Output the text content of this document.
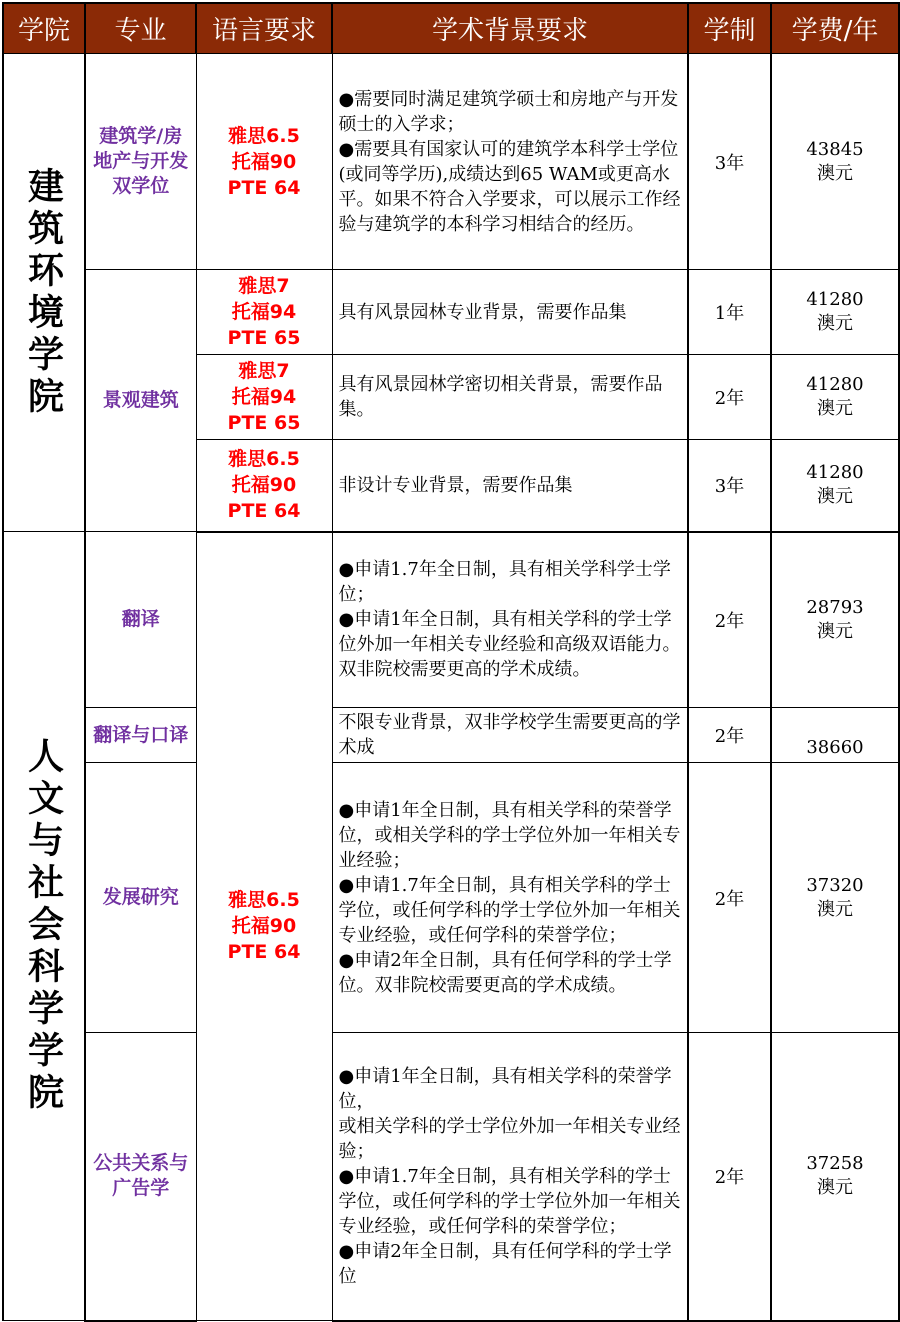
学院	专业	语言要求	学术背景要求	学制	学费/年
建筑环境学院	建筑学/房地产与开发双学位	雅思6.5
托福90
PTE 64	●需要同时满足建筑学硕士和房地产与开发硕士的入学求；
●需要具有国家认可的建筑学本科学士学位(或同等学历),成绩达到65 WAM或更高水平。如果不符合入学要求，可以展示工作经验与建筑学的本科学习相结合的经历。	3年	43845
澳元

	景观建筑	雅思7
托福94
PTE 65	具有风景园林专业背景，需要作品集	1年	41280
澳元

		雅思7
托福94
PTE 65	具有风景园林学密切相关背景，需要作品集。	2年	41280
澳元

		雅思6.5
托福90
PTE 64	非设计专业背景，需要作品集	3年	41280
澳元

人文与社会科学学院	翻译	雅思6.5
托福90
PTE 64	●申请1.7年全日制，具有相关学科学士学位；
●申请1年全日制，具有相关学科的学士学位外加一年相关专业经验和高级双语能力。双非院校需要更高的学术成绩。	2年	28793
澳元

	翻译与口译		不限专业背景，双非学校学生需要更高的学术成	2年	38660

	发展研究		●申请1年全日制，具有相关学科的荣誉学位，或相关学科的学士学位外加一年相关专业经验；
●申请1.7年全日制，具有相关学科的学士学位，或任何学科的学士学位外加一年相关专业经验，或任何学科的荣誉学位；
●申请2年全日制，具有任何学科的学士学位。双非院校需要更高的学术成绩。	2年	37320
澳元

	公共关系与广告学		●申请1年全日制，具有相关学科的荣誉学位，
或相关学科的学士学位外加一年相关专业经验；
●申请1.7年全日制，具有相关学科的学士学位，或任何学科的学士学位外加一年相关专业经验，或任何学科的荣誉学位；
●申请2年全日制，具有任何学科的学士学位	2年	37258
澳元
